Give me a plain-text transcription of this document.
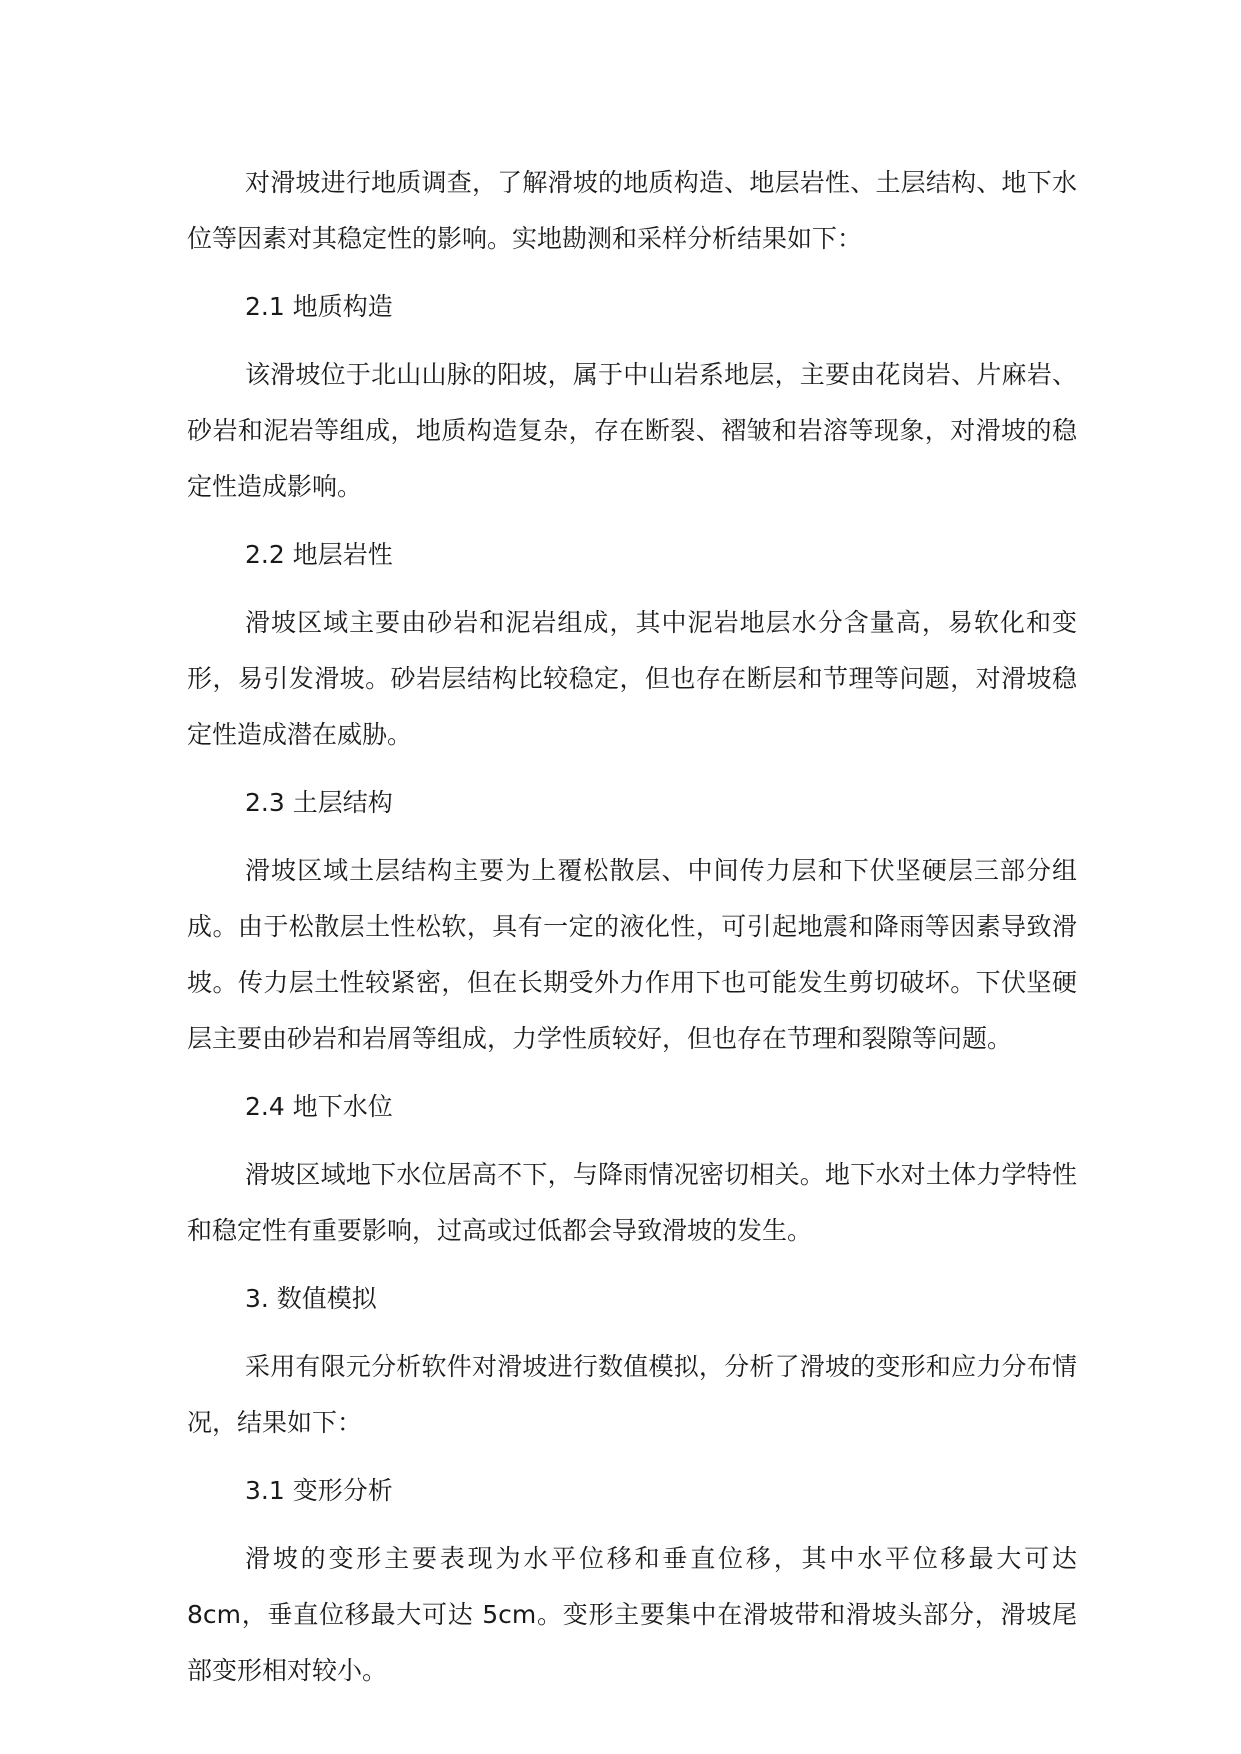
对滑坡进行地质调查，了解滑坡的地质构造、地层岩性、土层结构、地下水位等因素对其稳定性的影响。实地勘测和采样分析结果如下：

2.1 地质构造

该滑坡位于北山山脉的阳坡，属于中山岩系地层，主要由花岗岩、片麻岩、砂岩和泥岩等组成，地质构造复杂，存在断裂、褶皱和岩溶等现象，对滑坡的稳定性造成影响。

2.2 地层岩性

滑坡区域主要由砂岩和泥岩组成，其中泥岩地层水分含量高，易软化和变形，易引发滑坡。砂岩层结构比较稳定，但也存在断层和节理等问题，对滑坡稳定性造成潜在威胁。

2.3 土层结构

滑坡区域土层结构主要为上覆松散层、中间传力层和下伏坚硬层三部分组成。由于松散层土性松软，具有一定的液化性，可引起地震和降雨等因素导致滑坡。传力层土性较紧密，但在长期受外力作用下也可能发生剪切破坏。下伏坚硬层主要由砂岩和岩屑等组成，力学性质较好，但也存在节理和裂隙等问题。

2.4 地下水位

滑坡区域地下水位居高不下，与降雨情况密切相关。地下水对土体力学特性和稳定性有重要影响，过高或过低都会导致滑坡的发生。

3. 数值模拟

采用有限元分析软件对滑坡进行数值模拟，分析了滑坡的变形和应力分布情况，结果如下：

3.1 变形分析

滑坡的变形主要表现为水平位移和垂直位移，其中水平位移最大可达 8cm，垂直位移最大可达 5cm。变形主要集中在滑坡带和滑坡头部分，滑坡尾部变形相对较小。
